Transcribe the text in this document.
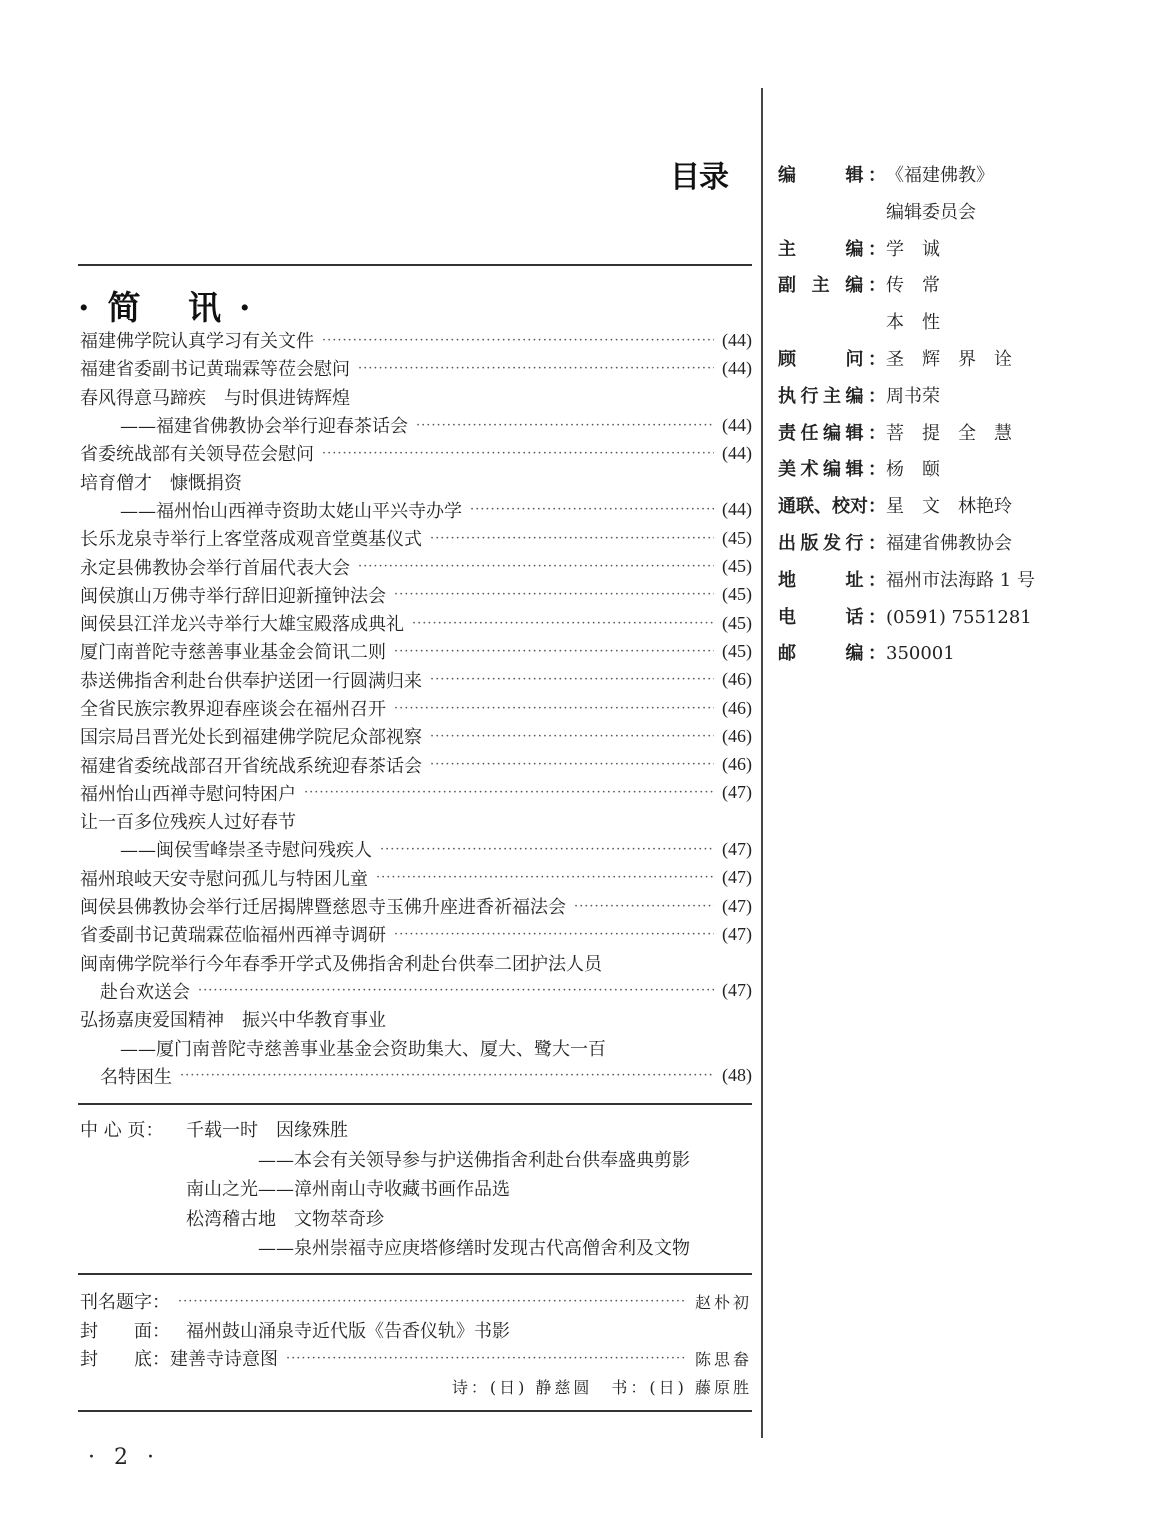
目录
·简 讯·
福建佛学院认真学习有关文件 ·····	(44)
福建省委副书记黄瑞霖等莅会慰问 ·····	(44)
春风得意马蹄疾　与时俱进铸辉煌
——福建省佛教协会举行迎春茶话会 ·····	(44)
省委统战部有关领导莅会慰问 ·····	(44)
培育僧才　慷慨捐资
——福州怡山西禅寺资助太姥山平兴寺办学 ·····	(44)
长乐龙泉寺举行上客堂落成观音堂奠基仪式 ·····	(45)
永定县佛教协会举行首届代表大会 ·····	(45)
闽侯旗山万佛寺举行辞旧迎新撞钟法会 ·····	(45)
闽侯县江洋龙兴寺举行大雄宝殿落成典礼 ·····	(45)
厦门南普陀寺慈善事业基金会简讯二则 ·····	(45)
恭送佛指舍利赴台供奉护送团一行圆满归来 ·····	(46)
全省民族宗教界迎春座谈会在福州召开 ·····	(46)
国宗局吕晋光处长到福建佛学院尼众部视察 ·····	(46)
福建省委统战部召开省统战系统迎春茶话会 ·····	(46)
福州怡山西禅寺慰问特困户 ·····	(47)
让一百多位残疾人过好春节
——闽侯雪峰崇圣寺慰问残疾人 ·····	(47)
福州琅岐天安寺慰问孤儿与特困儿童 ·····	(47)
闽侯县佛教协会举行迁居揭牌暨慈恩寺玉佛升座进香祈福法会 ·····	(47)
省委副书记黄瑞霖莅临福州西禅寺调研 ·····	(47)
闽南佛学院举行今年春季开学式及佛指舍利赴台供奉二团护法人员
赴台欢送会 ·····	(47)
弘扬嘉庚爱国精神　振兴中华教育事业
——厦门南普陀寺慈善事业基金会资助集大、厦大、鹭大一百
名特困生 ·····	(48)
中 心 页： 千载一时　因缘殊胜
——本会有关领导参与护送佛指舍利赴台供奉盛典剪影
南山之光——漳州南山寺收藏书画作品选
松湾稽古地　文物萃奇珍
——泉州崇福寺应庚塔修缮时发现古代高僧舍利及文物
刊名题字： ·····	赵朴初
封　　面： 福州鼓山涌泉寺近代版《告香仪轨》书影
封　　底： 建善寺诗意图 ·····	陈思畚
诗：(日) 静慈圆　书：(日) 藤原胜
· 2 ·
编　　辑：《福建佛教》
编辑委员会
主　　编：学　诚
副 主 编：传　常
本　性
顾　　问：圣　辉　界　诠
执行主编：周书荣
责任编辑：菩　提　全　慧
美术编辑：杨　颐
通联、校对：星　文　林艳玲
出版发行：福建省佛教协会
地　　址：福州市法海路 1 号
电　　话：(0591) 7551281
邮　　编：350001
